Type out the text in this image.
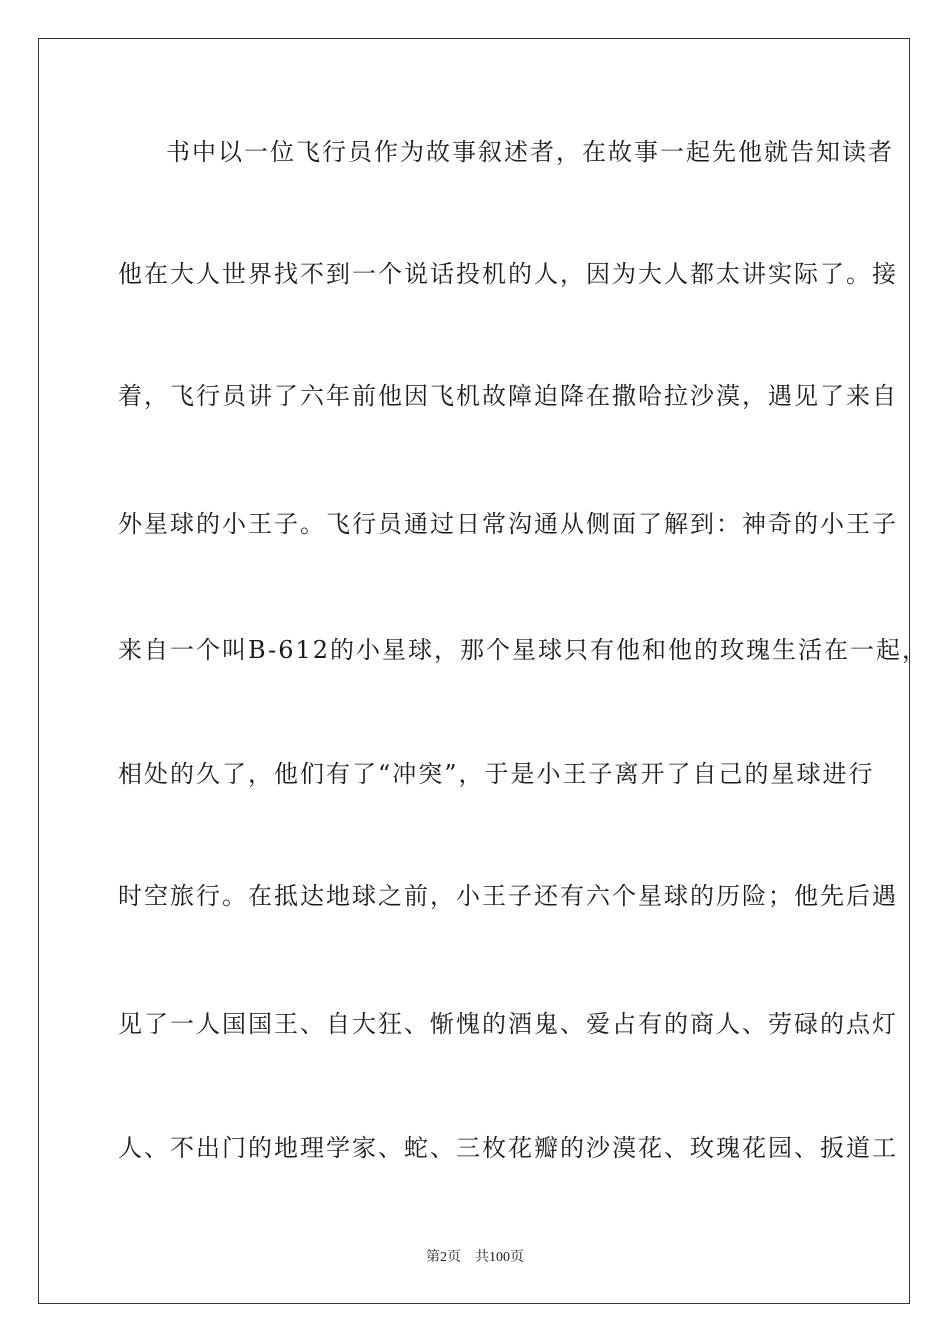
书中以一位飞行员作为故事叙述者，在故事一起先他就告知读者
他在大人世界找不到一个说话投机的人，因为大人都太讲实际了。接
着，飞行员讲了六年前他因飞机故障迫降在撒哈拉沙漠，遇见了来自
外星球的小王子。飞行员通过日常沟通从侧面了解到：神奇的小王子
来自一个叫B-612的小星球，那个星球只有他和他的玫瑰生活在一起，
相处的久了，他们有了“冲突”，于是小王子离开了自己的星球进行
时空旅行。在抵达地球之前，小王子还有六个星球的历险；他先后遇
见了一人国国王、自大狂、惭愧的酒鬼、爱占有的商人、劳碌的点灯
人、不出门的地理学家、蛇、三枚花瓣的沙漠花、玫瑰花园、扳道工
第2页 共100页
